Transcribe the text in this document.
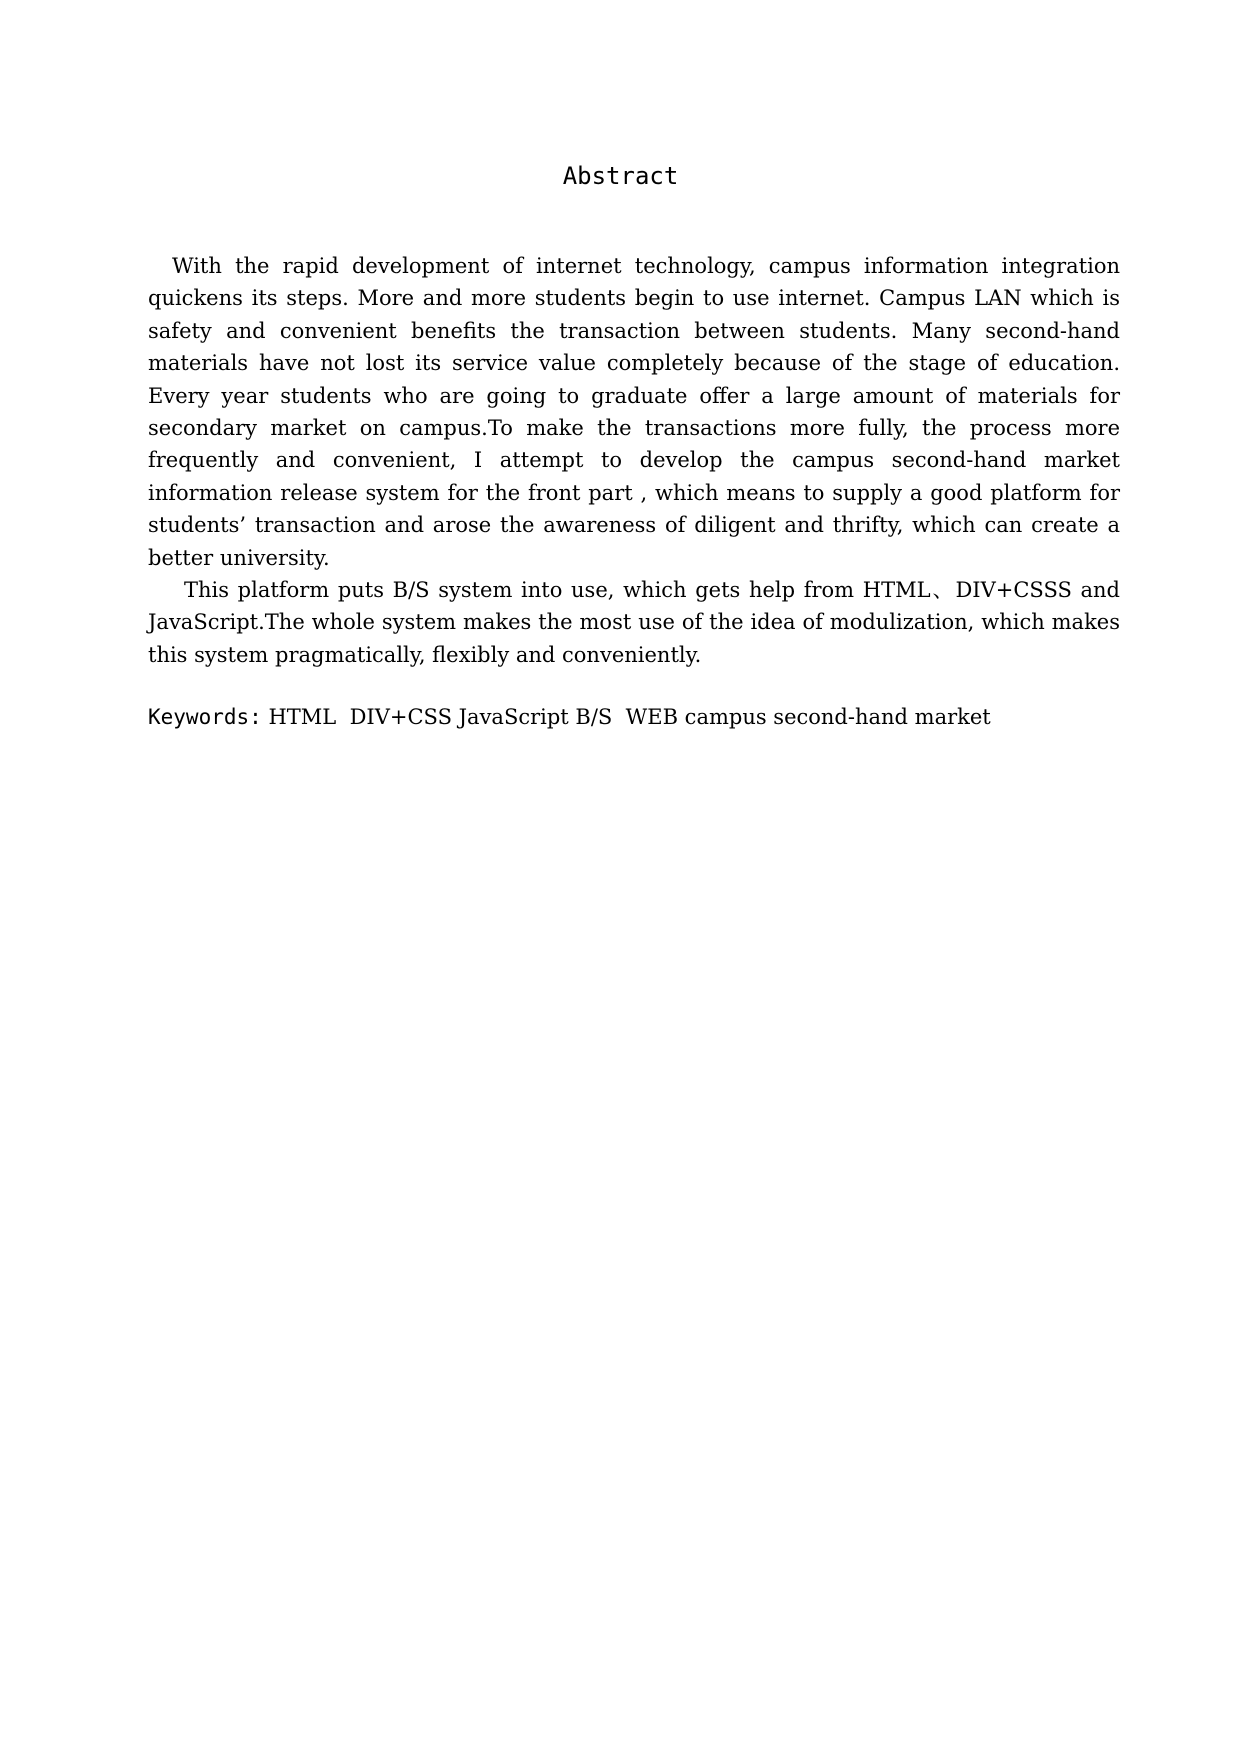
Abstract

With the rapid development of internet technology, campus information integration quickens its steps. More and more students begin to use internet. Campus LAN which is safety and convenient benefits the transaction between students. Many second-hand materials have not lost its service value completely because of the stage of education. Every year students who are going to graduate offer a large amount of materials for secondary market on campus.To make the transactions more fully, the process more frequently and convenient, I attempt to develop the campus second-hand market information release system for the front part , which means to supply a good platform for students’ transaction and arose the awareness of diligent and thrifty, which can create a better university.

This platform puts B/S system into use, which gets help from HTML、DIV+CSSS and JavaScript.The whole system makes the most use of the idea of modulization, which makes this system pragmatically, flexibly and conveniently.

Keywords: HTML  DIV+CSS JavaScript B/S  WEB campus second-hand market
